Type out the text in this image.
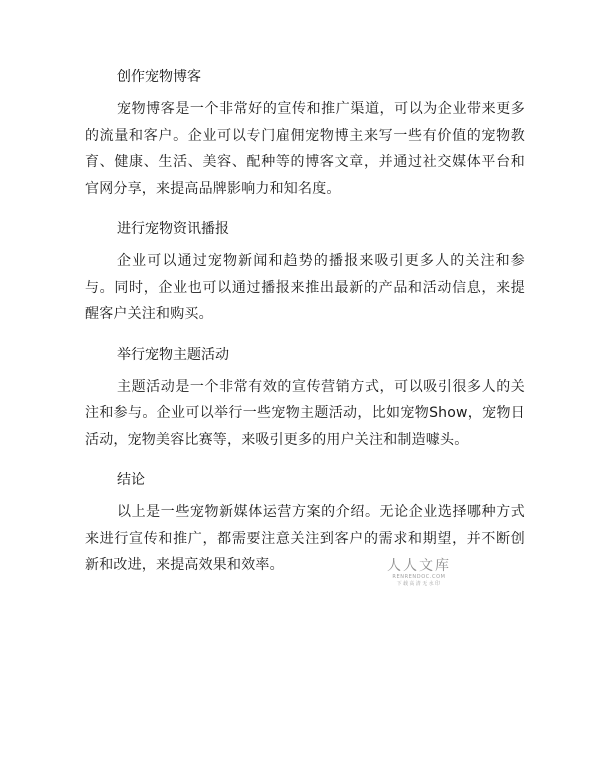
创作宠物博客

宠物博客是一个非常好的宣传和推广渠道，可以为企业带来更多的流量和客户。企业可以专门雇佣宠物博主来写一些有价值的宠物教育、健康、生活、美容、配种等的博客文章，并通过社交媒体平台和官网分享，来提高品牌影响力和知名度。

进行宠物资讯播报

企业可以通过宠物新闻和趋势的播报来吸引更多人的关注和参与。同时，企业也可以通过播报来推出最新的产品和活动信息，来提醒客户关注和购买。

举行宠物主题活动

主题活动是一个非常有效的宣传营销方式，可以吸引很多人的关注和参与。企业可以举行一些宠物主题活动，比如宠物Show，宠物日活动，宠物美容比赛等，来吸引更多的用户关注和制造噱头。

结论

以上是一些宠物新媒体运营方案的介绍。无论企业选择哪种方式来进行宣传和推广，都需要注意关注到客户的需求和期望，并不断创新和改进，来提高效果和效率。	人人文库
RENRENDOC.COM
下载高清无水印
